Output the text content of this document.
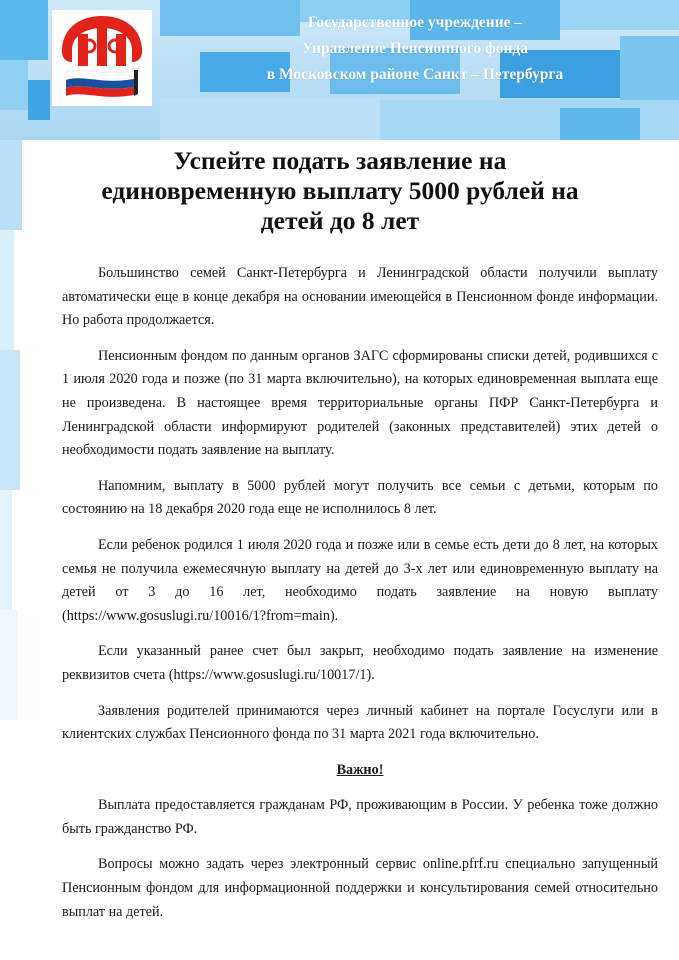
Государственное учреждение –
Управление Пенсионного фонда
в Московском районе Санкт – Петербурга
Успейте подать заявление на
единовременную выплату 5000 рублей на
детей до 8 лет

Большинство семей Санкт-Петербурга и Ленинградской области получили выплату автоматически еще в конце декабря на основании имеющейся в Пенсионном фонде информации. Но работа продолжается.

Пенсионным фондом по данным органов ЗАГС сформированы списки детей, родившихся с 1 июля 2020 года и позже (по 31 марта включительно), на которых единовременная выплата еще не произведена. В настоящее время территориальные органы ПФР Санкт-Петербурга и Ленинградской области информируют родителей (законных представителей) этих детей о необходимости подать заявление на выплату.

Напомним, выплату в 5000 рублей могут получить все семьи с детьми, которым по состоянию на 18 декабря 2020 года еще не исполнилось 8 лет.

Если ребенок родился 1 июля 2020 года и позже или в семье есть дети до 8 лет, на которых семья не получила ежемесячную выплату на детей до 3-х лет или единовременную выплату на детей от 3 до 16 лет, необходимо подать заявление на новую выплату (https://www.gosuslugi.ru/10016/1?from=main).

Если указанный ранее счет был закрыт, необходимо подать заявление на изменение реквизитов счета (https://www.gosuslugi.ru/10017/1).

Заявления родителей принимаются через личный кабинет на портале Госуслуги или в клиентских службах Пенсионного фонда по 31 марта 2021 года включительно.

Важно!

Выплата предоставляется гражданам РФ, проживающим в России. У ребенка тоже должно быть гражданство РФ.

Вопросы можно задать через электронный сервис online.pfrf.ru специально запущенный Пенсионным фондом для информационной поддержки и консультирования семей относительно выплат на детей.
